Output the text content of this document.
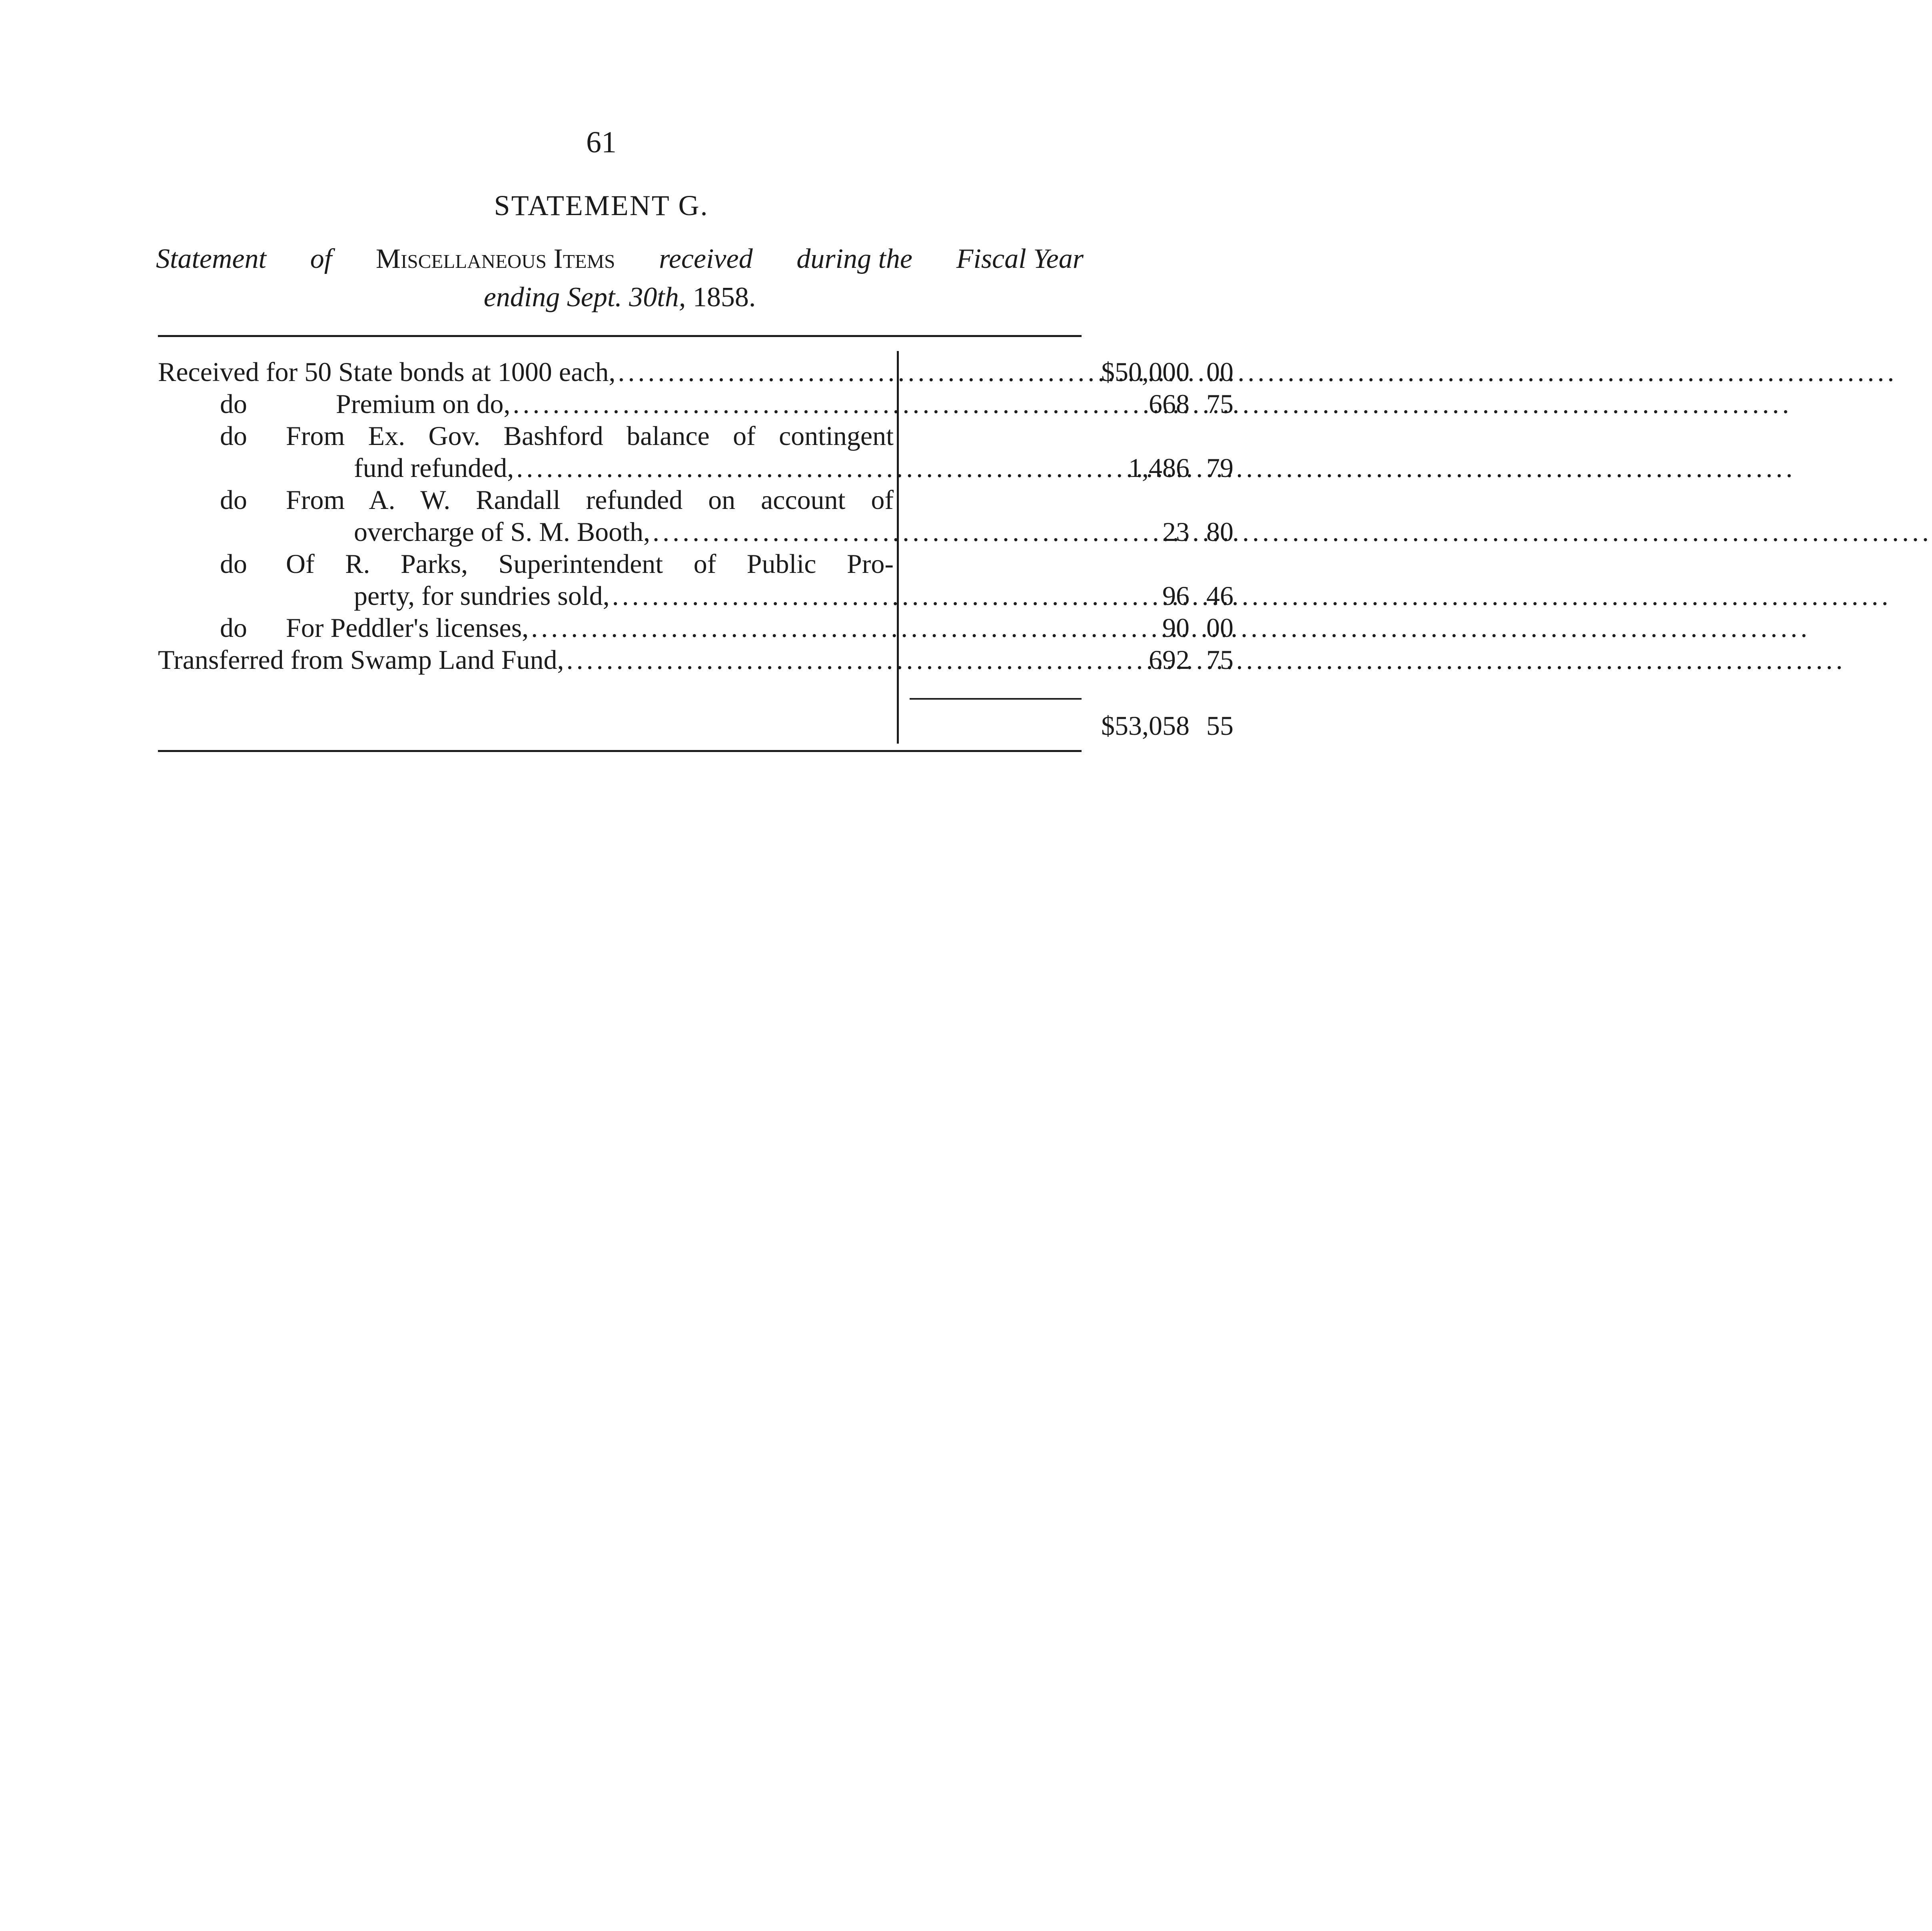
61
STATEMENT G.
Statement of Miscellaneous Items received during the Fiscal Year
ending Sept. 30th, 1858.
Received for 50 State bonds at 1000 each, .....	$50,000 00
do	Premium on do, .....	668 75
do From Ex. Gov. Bashford balance of contingent
fund refunded, .....	1,486 79
do From A. W. Randall refunded on account of
overcharge of S. M. Booth, .....	23 80
do Of R. Parks, Superintendent of Public Pro-
perty, for sundries sold, .....	96 46
do For Peddler's licenses, .....	90 00
Transferred from Swamp Land Fund, .....	692 75
$53,058 55
